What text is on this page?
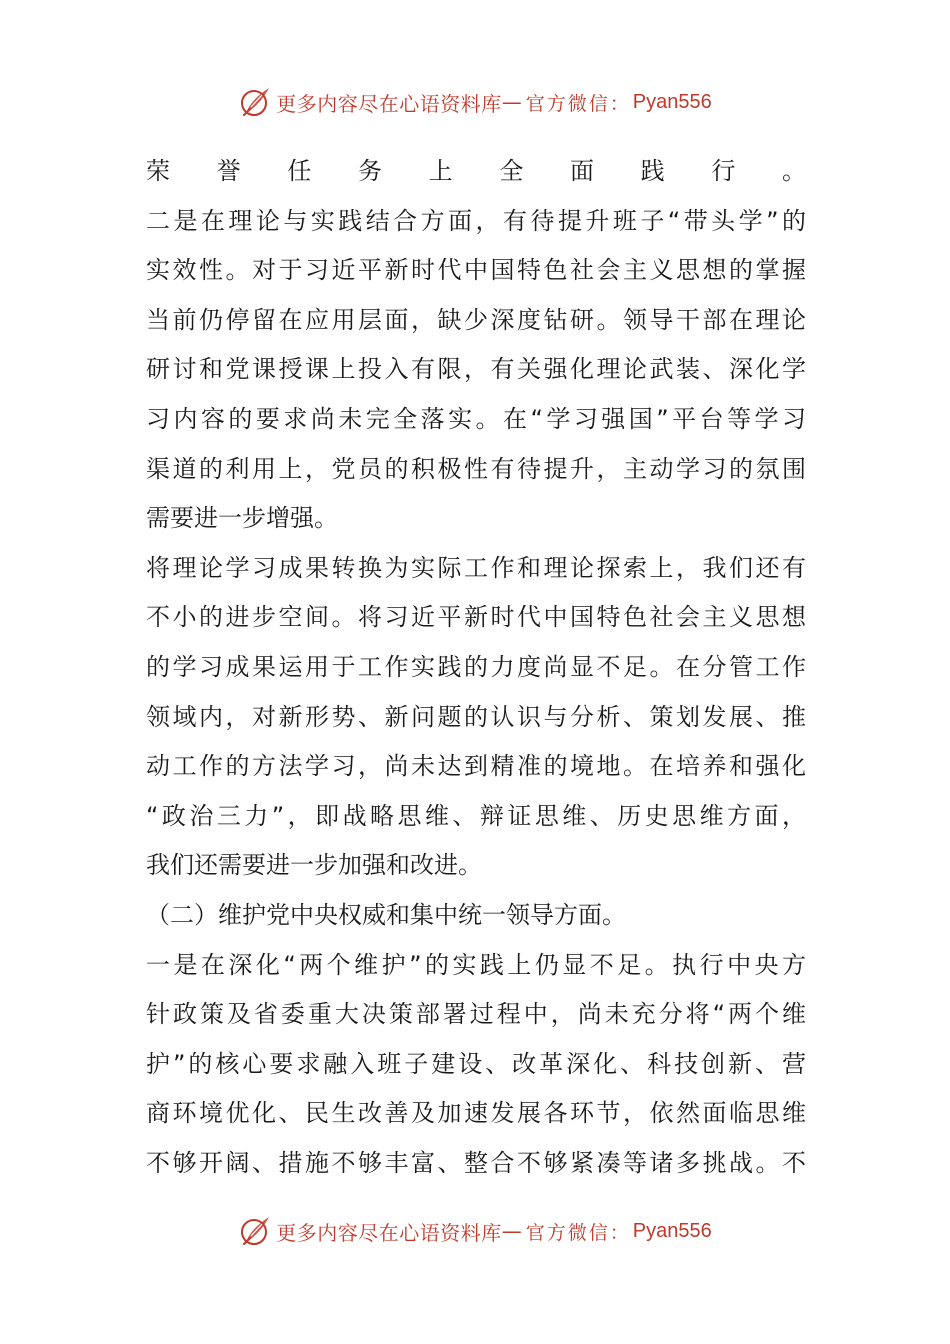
更多内容尽在心语资料库 — 官方微信： Pyan556
荣誉任务上全面践行。
二是在理论与实践结合方面，有待提升班子“带头学”的
实效性。对于习近平新时代中国特色社会主义思想的掌握
当前仍停留在应用层面，缺少深度钻研。领导干部在理论
研讨和党课授课上投入有限，有关强化理论武装、深化学
习内容的要求尚未完全落实。在“学习强国”平台等学习
渠道的利用上，党员的积极性有待提升，主动学习的氛围
需要进一步增强。
将理论学习成果转换为实际工作和理论探索上，我们还有
不小的进步空间。将习近平新时代中国特色社会主义思想
的学习成果运用于工作实践的力度尚显不足。在分管工作
领域内，对新形势、新问题的认识与分析、策划发展、推
动工作的方法学习，尚未达到精准的境地。在培养和强化
“政治三力”，即战略思维、辩证思维、历史思维方面，
我们还需要进一步加强和改进。
（二）维护党中央权威和集中统一领导方面。
一是在深化“两个维护”的实践上仍显不足。执行中央方
针政策及省委重大决策部署过程中，尚未充分将“两个维
护”的核心要求融入班子建设、改革深化、科技创新、营
商环境优化、民生改善及加速发展各环节，依然面临思维
不够开阔、措施不够丰富、整合不够紧凑等诸多挑战。不
更多内容尽在心语资料库 — 官方微信： Pyan556
